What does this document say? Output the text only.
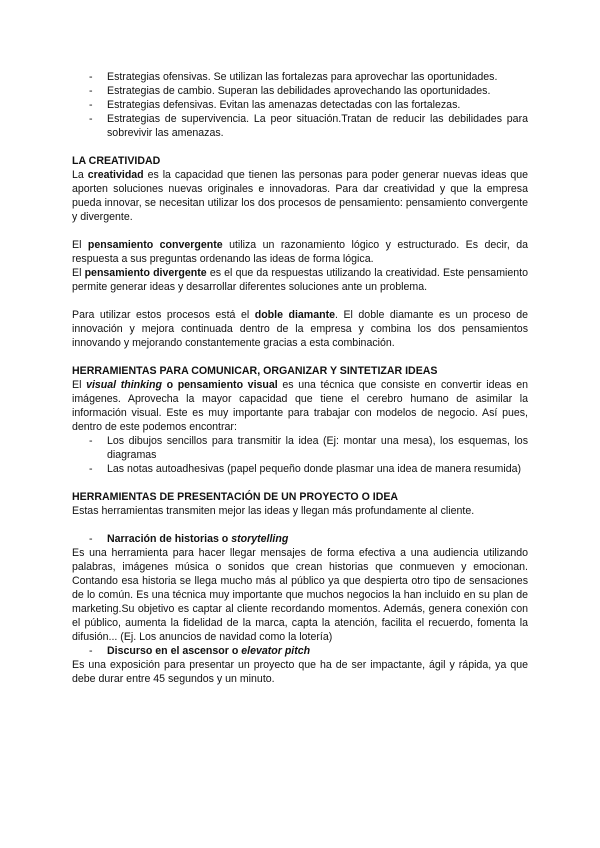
- Estrategias ofensivas. Se utilizan las fortalezas para aprovechar las oportunidades.
- Estrategias de cambio. Superan las debilidades aprovechando las oportunidades.
- Estrategias defensivas. Evitan las amenazas detectadas con las fortalezas.
- Estrategias de supervivencia. La peor situación.Tratan de reducir las debilidades para sobrevivir las amenazas.
LA CREATIVIDAD
La creatividad es la capacidad que tienen las personas para poder generar nuevas ideas que aporten soluciones nuevas originales e innovadoras. Para dar creatividad y que la empresa pueda innovar, se necesitan utilizar los dos procesos de pensamiento: pensamiento convergente y divergente.
El pensamiento convergente utiliza un razonamiento lógico y estructurado. Es decir, da respuesta a sus preguntas ordenando las ideas de forma lógica.
El pensamiento divergente es el que da respuestas utilizando la creatividad. Este pensamiento permite generar ideas y desarrollar diferentes soluciones ante un problema.
Para utilizar estos procesos está el doble diamante. El doble diamante es un proceso de innovación y mejora continuada dentro de la empresa y combina los dos pensamientos innovando y mejorando constantemente gracias a esta combinación.
HERRAMIENTAS PARA COMUNICAR, ORGANIZAR Y SINTETIZAR IDEAS
El visual thinking o pensamiento visual es una técnica que consiste en convertir ideas en imágenes. Aprovecha la mayor capacidad que tiene el cerebro humano de asimilar la información visual. Este es muy importante para trabajar con modelos de negocio. Así pues, dentro de este podemos encontrar:
- Los dibujos sencillos para transmitir la idea (Ej: montar una mesa), los esquemas, los diagramas
- Las notas autoadhesivas (papel pequeño donde plasmar una idea de manera resumida)
HERRAMIENTAS DE PRESENTACIÓN DE UN PROYECTO O IDEA
Estas herramientas transmiten mejor las ideas y llegan más profundamente al cliente.
- Narración de historias o storytelling
Es una herramienta para hacer llegar mensajes de forma efectiva a una audiencia utilizando palabras, imágenes música o sonidos que crean historias que conmueven y emocionan. Contando esa historia se llega mucho más al público ya que despierta otro tipo de sensaciones de lo común. Es una técnica muy importante que muchos negocios la han incluido en su plan de marketing.Su objetivo es captar al cliente recordando momentos. Además, genera conexión con el público, aumenta la fidelidad de la marca, capta la atención, facilita el recuerdo, fomenta la difusión... (Ej. Los anuncios de navidad como la lotería)
- Discurso en el ascensor o elevator pitch
Es una exposición para presentar un proyecto que ha de ser impactante, ágil y rápida, ya que debe durar entre 45 segundos y un minuto.
